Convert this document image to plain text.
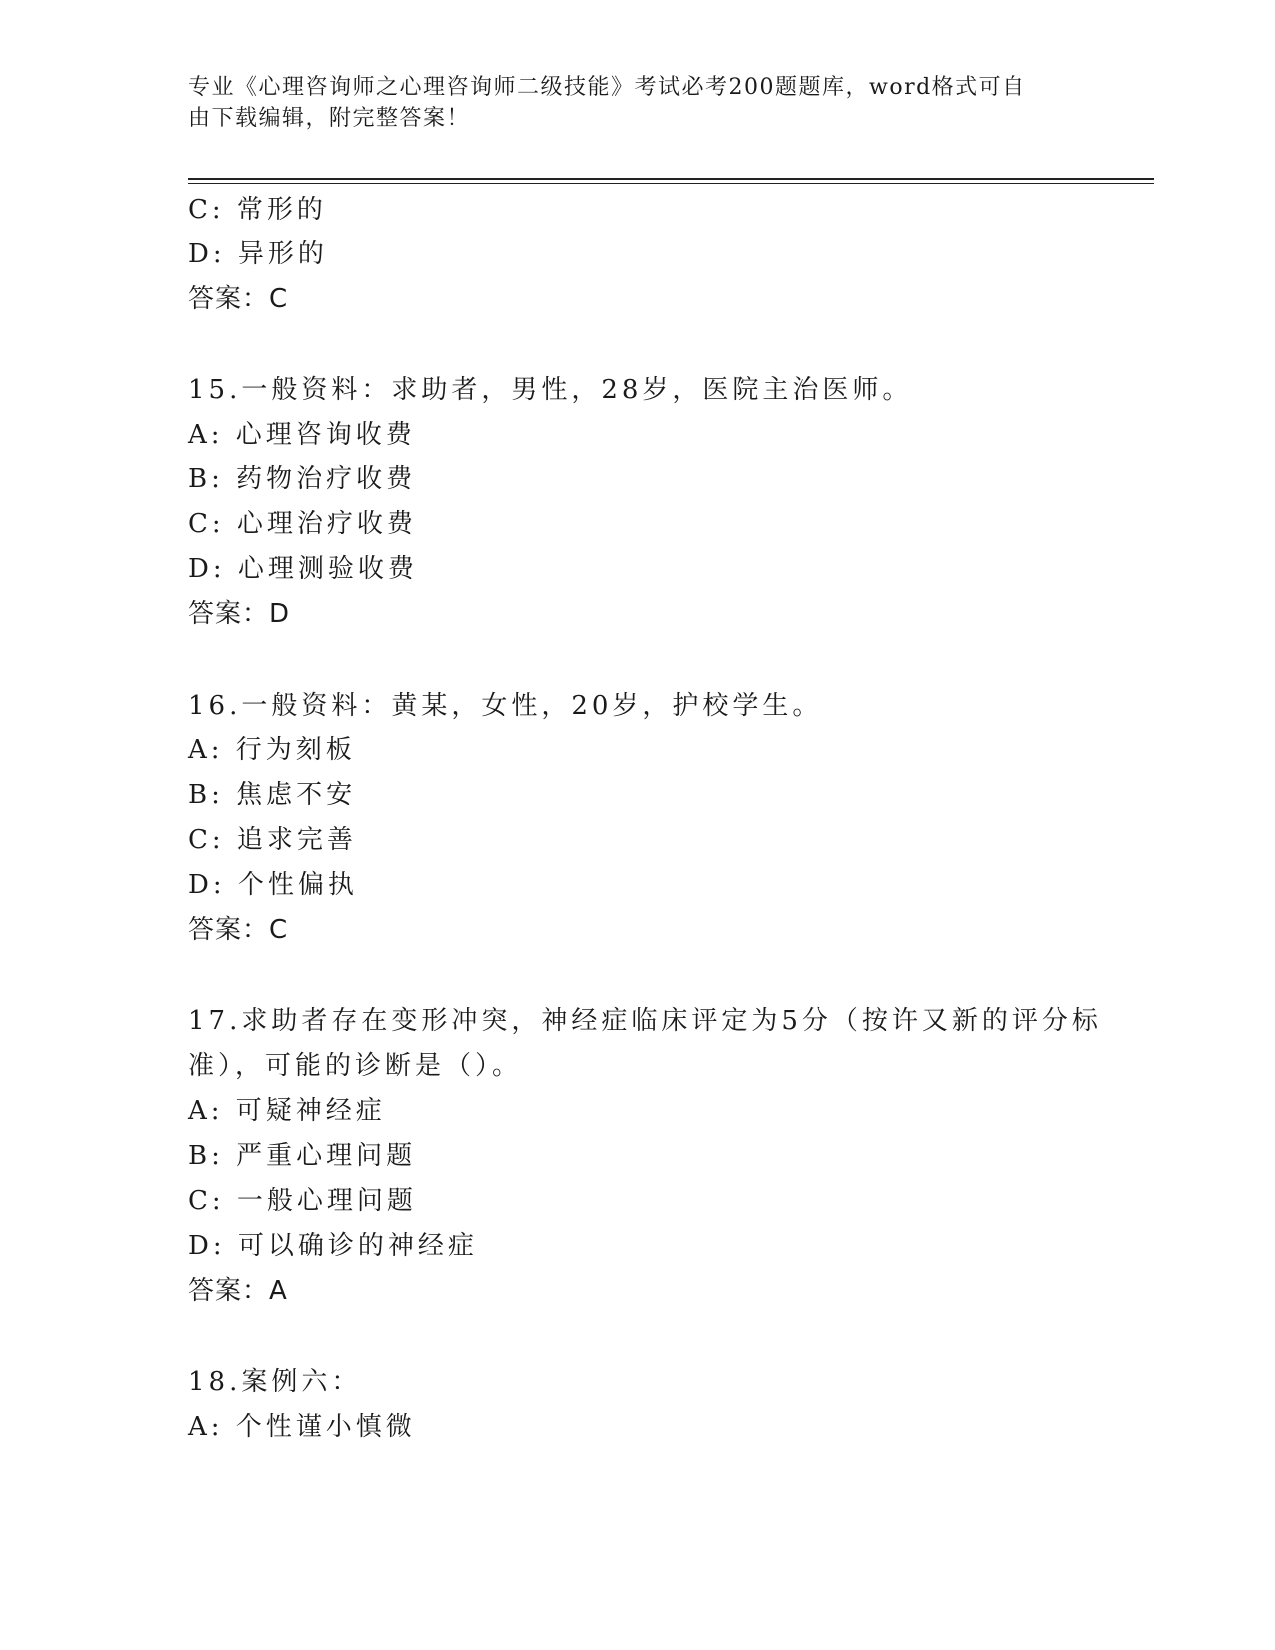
专业《心理咨询师之心理咨询师二级技能》考试必考200题题库，word格式可自
由下载编辑，附完整答案！
C: 常形的
D: 异形的
答案：C
15.一般资料：求助者，男性，28岁，医院主治医师。
A: 心理咨询收费
B: 药物治疗收费
C: 心理治疗收费
D: 心理测验收费
答案：D
16.一般资料：黄某，女性，20岁，护校学生。
A: 行为刻板
B: 焦虑不安
C: 追求完善
D: 个性偏执
答案：C
17.求助者存在变形冲突，神经症临床评定为5分（按许又新的评分标
准），可能的诊断是（）。
A: 可疑神经症
B: 严重心理问题
C: 一般心理问题
D: 可以确诊的神经症
答案：A
18.案例六：
A: 个性谨小慎微
